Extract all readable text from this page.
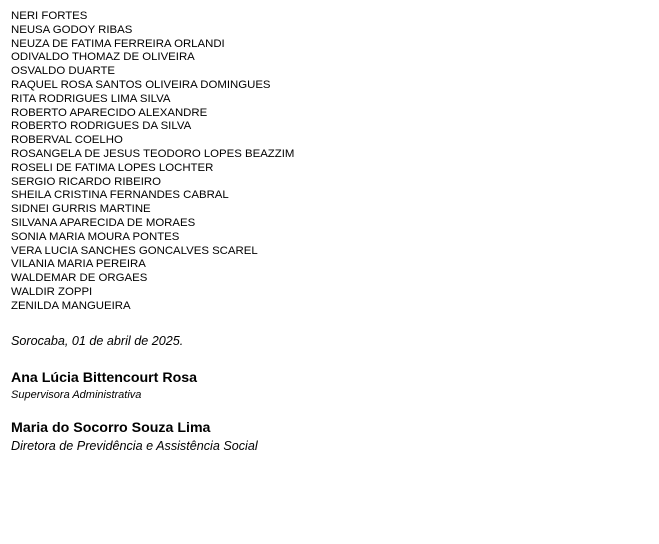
NERI FORTES
NEUSA GODOY RIBAS
NEUZA DE FATIMA FERREIRA ORLANDI
ODIVALDO THOMAZ DE OLIVEIRA
OSVALDO DUARTE
RAQUEL ROSA SANTOS OLIVEIRA DOMINGUES
RITA RODRIGUES LIMA SILVA
ROBERTO APARECIDO ALEXANDRE
ROBERTO RODRIGUES DA SILVA
ROBERVAL COELHO
ROSANGELA DE JESUS TEODORO LOPES BEAZZIM
ROSELI DE FATIMA LOPES LOCHTER
SERGIO RICARDO RIBEIRO
SHEILA CRISTINA FERNANDES CABRAL
SIDNEI GURRIS MARTINE
SILVANA APARECIDA DE MORAES
SONIA MARIA MOURA PONTES
VERA LUCIA SANCHES GONCALVES SCAREL
VILANIA MARIA PEREIRA
WALDEMAR DE ORGAES
WALDIR ZOPPI
ZENILDA MANGUEIRA
Sorocaba, 01 de abril de 2025.
Ana Lúcia Bittencourt Rosa
Supervisora Administrativa
Maria do Socorro Souza Lima
Diretora de Previdência e Assistência Social
